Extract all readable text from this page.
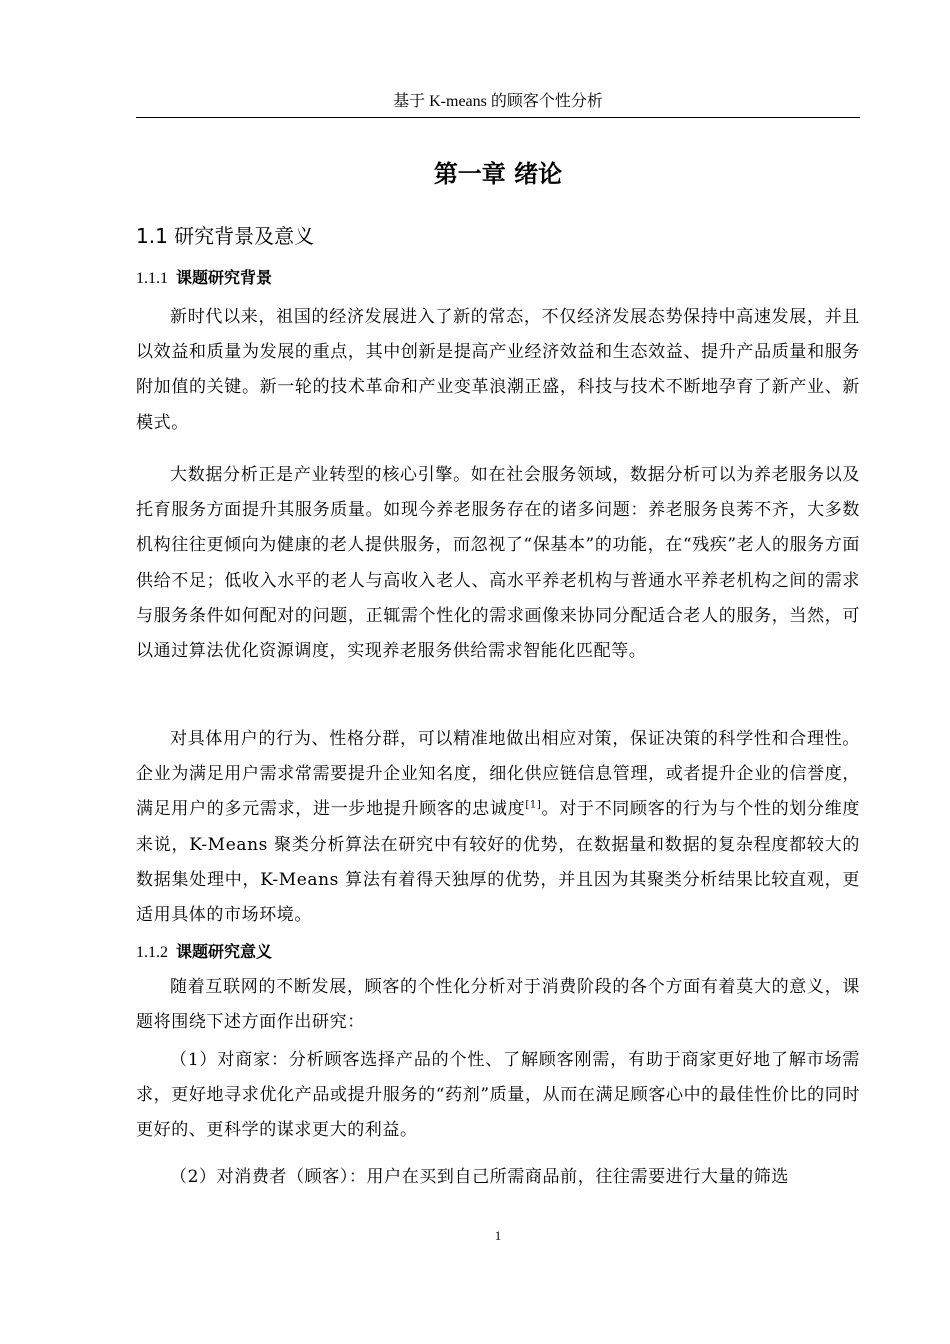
基于 K-means 的顾客个性分析
第一章 绪论
1.1 研究背景及意义
1.1.1 课题研究背景

新时代以来，祖国的经济发展进入了新的常态，不仅经济发展态势保持中高速发展，并且以效益和质量为发展的重点，其中创新是提高产业经济效益和生态效益、提升产品质量和服务附加值的关键。新一轮的技术革命和产业变革浪潮正盛，科技与技术不断地孕育了新产业、新模式。

大数据分析正是产业转型的核心引擎。如在社会服务领域，数据分析可以为养老服务以及托育服务方面提升其服务质量。如现今养老服务存在的诸多问题：养老服务良莠不齐，大多数机构往往更倾向为健康的老人提供服务，而忽视了“保基本”的功能，在“残疾”老人的服务方面供给不足；低收入水平的老人与高收入老人、高水平养老机构与普通水平养老机构之间的需求与服务条件如何配对的问题，正辄需个性化的需求画像来协同分配适合老人的服务，当然，可以通过算法优化资源调度，实现养老服务供给需求智能化匹配等。

对具体用户的行为、性格分群，可以精准地做出相应对策，保证决策的科学性和合理性。企业为满足用户需求常需要提升企业知名度，细化供应链信息管理，或者提升企业的信誉度，满足用户的多元需求，进一步地提升顾客的忠诚度[1]。对于不同顾客的行为与个性的划分维度来说，K-Means 聚类分析算法在研究中有较好的优势，在数据量和数据的复杂程度都较大的数据集处理中，K-Means 算法有着得天独厚的优势，并且因为其聚类分析结果比较直观，更适用具体的市场环境。

1.1.2 课题研究意义

随着互联网的不断发展，顾客的个性化分析对于消费阶段的各个方面有着莫大的意义，课题将围绕下述方面作出研究：

（1）对商家：分析顾客选择产品的个性、了解顾客刚需，有助于商家更好地了解市场需求，更好地寻求优化产品或提升服务的“药剂”质量，从而在满足顾客心中的最佳性价比的同时更好的、更科学的谋求更大的利益。

（2）对消费者（顾客）：用户在买到自己所需商品前，往往需要进行大量的筛选

1
